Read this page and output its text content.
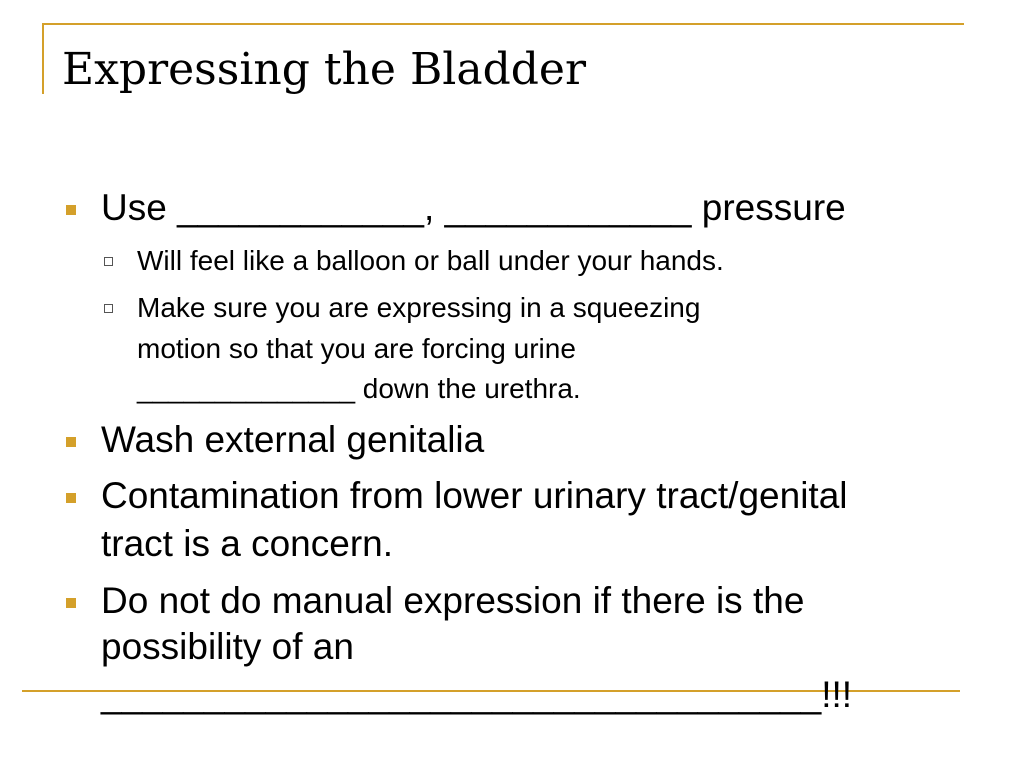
Expressing the Bladder
Use ____________, ____________ pressure
Will feel like a balloon or ball under your hands.
Make sure you are expressing in a squeezing
motion so that you are forcing urine
______________ down the urethra.
Wash external genitalia
Contamination from lower urinary tract/genital
tract is a concern.
Do not do manual expression if there is the
possibility of an
___________________________________!!!
